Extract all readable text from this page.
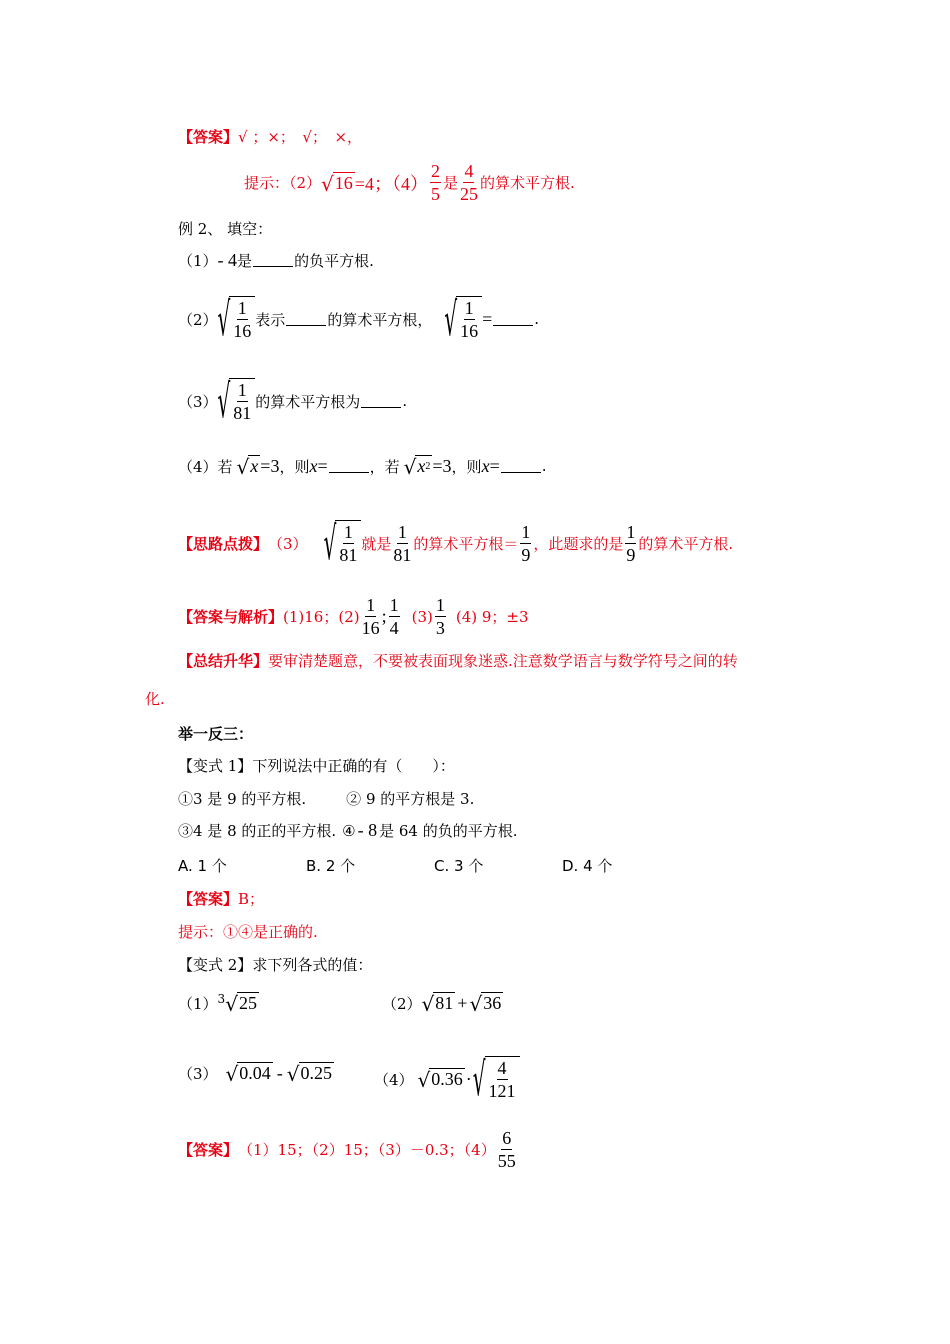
【答案】 √ ；×；　√；　×，
提示：（2） √ 16 =4；$(4) \frac{2}{5}$ 是 $\frac{4}{25}$ 的算术平方根.
例 2、 填空：
（1） - 4 是	的负平方根.
（2） √ $\frac{1}{16}$ 表示	的算术平方根， √ $\frac{1}{16}$ =	.
（3） √ $\frac{1}{81}$ 的算术平方根为	.
（4）若 √ x =3 ，则 x =	，若 √ x 2 =3 ，则 x =	.
【思路点拨】 （3） √ $\frac{1}{81}$ 就是 $\frac{1}{81}$ 的算术平方根＝ $\frac{1}{9}$ ，此题求的是 $\frac{1}{9}$ 的算术平方根.
【答案与解析】 (1)16；$(2) \frac{1}{16}$ ; $\frac{1}{4} (3) \frac{1}{3} (4)$ 9；±3
【总结升华】 要审清楚题意，不要被表面现象迷惑.注意数学语言与数学符号之间的转
化.
举一反三：
【变式 1】 下列说法中正确的有（　　）：
①3 是 9 的平方根.	② 9 的平方根是 3.
③4 是 8 的正的平方根. ④ - 8 是 64 的负的平方根.
A. 1 个	B. 2 个	C. 3 个	D. 4 个
【答案】 B；
提示：①④是正确的.
【变式 2】 求下列各式的值：
（1） 3 √ 25	（2） √ 81 + √ 36
（3） √ 0.04 - √ 0.25	（4） √ 0.36 · √ $\frac{4}{121}$
【答案】 （1）15；（2）15；（3）－0.3；$(4) \frac{6}{55}$
